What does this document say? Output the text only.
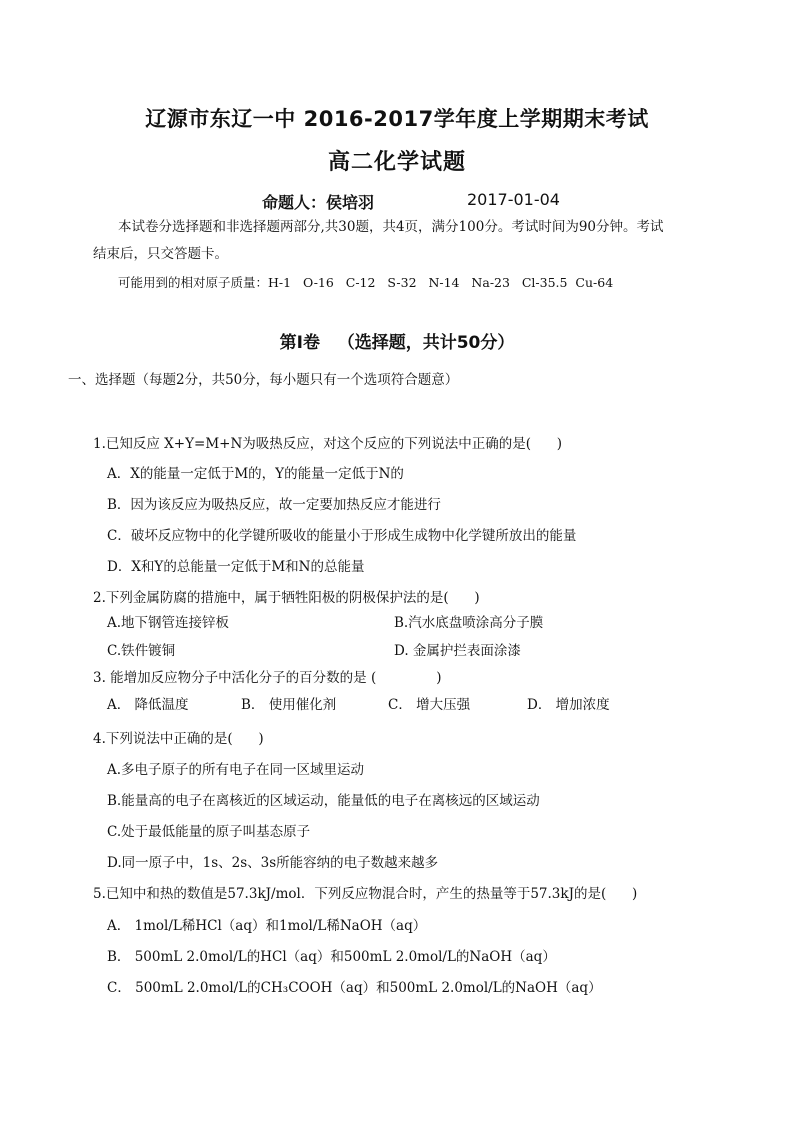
辽源市东辽一中 2016-2017学年度上学期期末考试
高二化学试题
命题人：侯培羽	2017-01-04
本试卷分选择题和非选择题两部分,共30题，共4页，满分100分。考试时间为90分钟。考试
结束后，只交答题卡。
可能用到的相对原子质量：H-1   O-16   C-12   S-32   N-14   Na-23   Cl-35.5  Cu-64
第Ⅰ卷   （选择题，共计50分）
一、选择题（每题2分，共50分，每小题只有一个选项符合题意）
1.已知反应 X+Y=M+N为吸热反应，对这个反应的下列说法中正确的是(      )
A．X的能量一定低于M的，Y的能量一定低于N的
B．因为该反应为吸热反应，故一定要加热反应才能进行
C．破坏反应物中的化学键所吸收的能量小于形成生成物中化学键所放出的能量
D．X和Y的总能量一定低于M和N的总能量
2.下列金属防腐的措施中，属于牺牲阳极的阴极保护法的是(      )
A.地下钢管连接锌板	B.汽水底盘喷涂高分子膜
C.铁件镀铜	D. 金属护拦表面涂漆
3. 能增加反应物分子中活化分子的百分数的是 (              )
A． 降低温度	B． 使用催化剂	C． 增大压强	D． 增加浓度
4.下列说法中正确的是(      )
A.多电子原子的所有电子在同一区域里运动
B.能量高的电子在离核近的区域运动，能量低的电子在离核远的区域运动
C.处于最低能量的原子叫基态原子
D.同一原子中，1s、2s、3s所能容纳的电子数越来越多
5.已知中和热的数值是57.3kJ/mol．下列反应物混合时，产生的热量等于57.3kJ的是(      )
A． 1mol/L稀HCl（aq）和1mol/L稀NaOH（aq）
B． 500mL 2.0mol/L的HCl（aq）和500mL 2.0mol/L的NaOH（aq）
C． 500mL 2.0mol/L的CH₃COOH（aq）和500mL 2.0mol/L的NaOH（aq）
